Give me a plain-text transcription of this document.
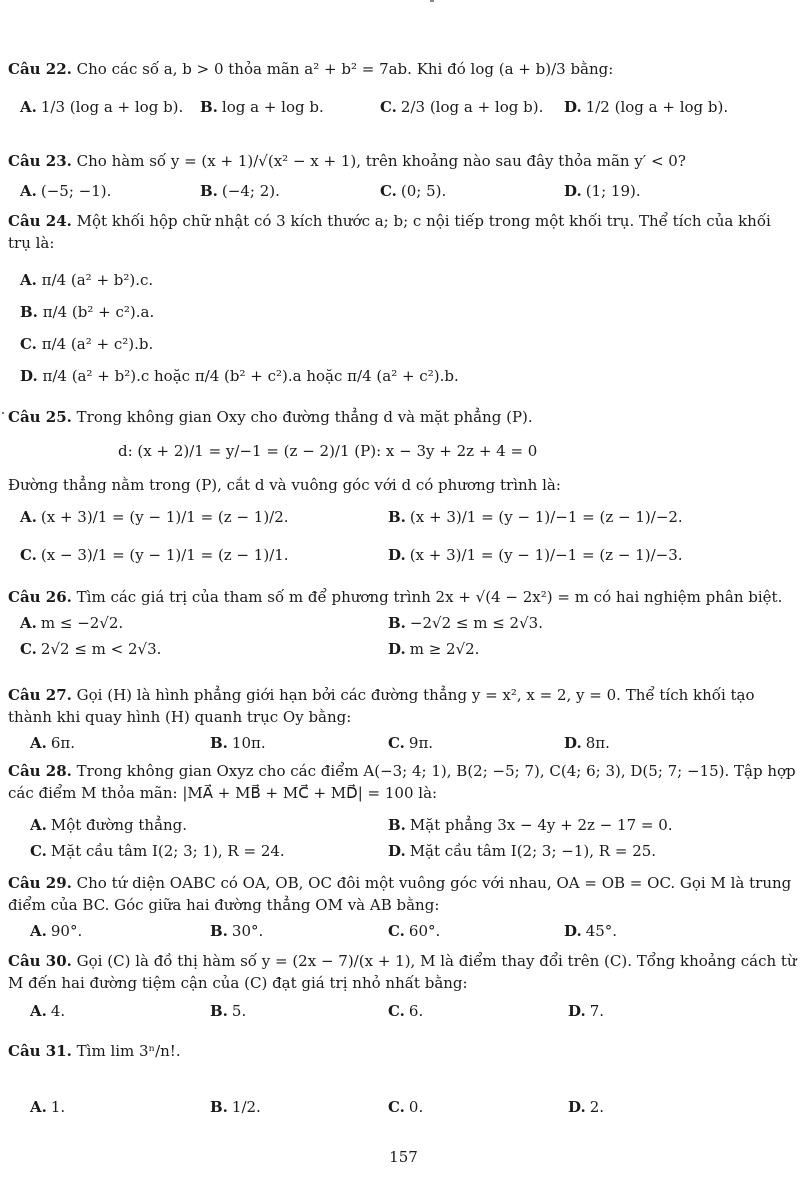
Câu 22. Cho các số a, b > 0 thỏa mãn a² + b² = 7ab. Khi đó log (a + b)/3 bằng:
A. 1/3 (log a + log b). B. log a + log b.	C. 2/3 (log a + log b). D. 1/2 (log a + log b).
Câu 23. Cho hàm số y = (x + 1)/√(x² − x + 1), trên khoảng nào sau đây thỏa mãn y′ < 0?
A. (−5; −1).	B. (−4; 2).	C. (0; 5).	D. (1; 19).
Câu 24. Một khối hộp chữ nhật có 3 kích thước a; b; c nội tiếp trong một khối trụ. Thể tích của khối trụ là:
A. π/4 (a² + b²).c.
B. π/4 (b² + c²).a.
C. π/4 (a² + c²).b.
D. π/4 (a² + b²).c hoặc π/4 (b² + c²).a hoặc π/4 (a² + c²).b.
Câu 25. Trong không gian Oxy cho đường thẳng d và mặt phẳng (P).
d: (x + 2)/1 = y/−1 = (z − 2)/1 (P): x − 3y + 2z + 4 = 0
Đường thẳng nằm trong (P), cắt d và vuông góc với d có phương trình là:
A. (x + 3)/1 = (y − 1)/1 = (z − 1)/2.	B. (x + 3)/1 = (y − 1)/−1 = (z − 1)/−2.
C. (x − 3)/1 = (y − 1)/1 = (z − 1)/1.	D. (x + 3)/1 = (y − 1)/−1 = (z − 1)/−3.
Câu 26. Tìm các giá trị của tham số m để phương trình 2x + √(4 − 2x²) = m có hai nghiệm phân biệt.
A. m ≤ −2√2.	B. −2√2 ≤ m ≤ 2√3.
C. 2√2 ≤ m < 2√3.	D. m ≥ 2√2.
Câu 27. Gọi (H) là hình phẳng giới hạn bởi các đường thẳng y = x², x = 2, y = 0. Thể tích khối tạo thành khi quay hình (H) quanh trục Oy bằng:
A. 6π.	B. 10π.	C. 9π.	D. 8π.
Câu 28. Trong không gian Oxyz cho các điểm A(−3; 4; 1), B(2; −5; 7), C(4; 6; 3), D(5; 7; −15). Tập hợp các điểm M thỏa mãn: |MA⃗ + MB⃗ + MC⃗ + MD⃗| = 100 là:
A. Một đường thẳng.	B. Mặt phẳng 3x − 4y + 2z − 17 = 0.
C. Mặt cầu tâm I(2; 3; 1), R = 24.	D. Mặt cầu tâm I(2; 3; −1), R = 25.
Câu 29. Cho tứ diện OABC có OA, OB, OC đôi một vuông góc với nhau, OA = OB = OC. Gọi M là trung điểm của BC. Góc giữa hai đường thẳng OM và AB bằng:
A. 90°.	B. 30°.	C. 60°.	D. 45°.
Câu 30. Gọi (C) là đồ thị hàm số y = (2x − 7)/(x + 1), M là điểm thay đổi trên (C). Tổng khoảng cách từ M đến hai đường tiệm cận của (C) đạt giá trị nhỏ nhất bằng:
A. 4.	B. 5.	C. 6.	D. 7.
Câu 31. Tìm lim 3ⁿ/n!.
A. 1.	B. 1/2.	C. 0.	D. 2.
157
